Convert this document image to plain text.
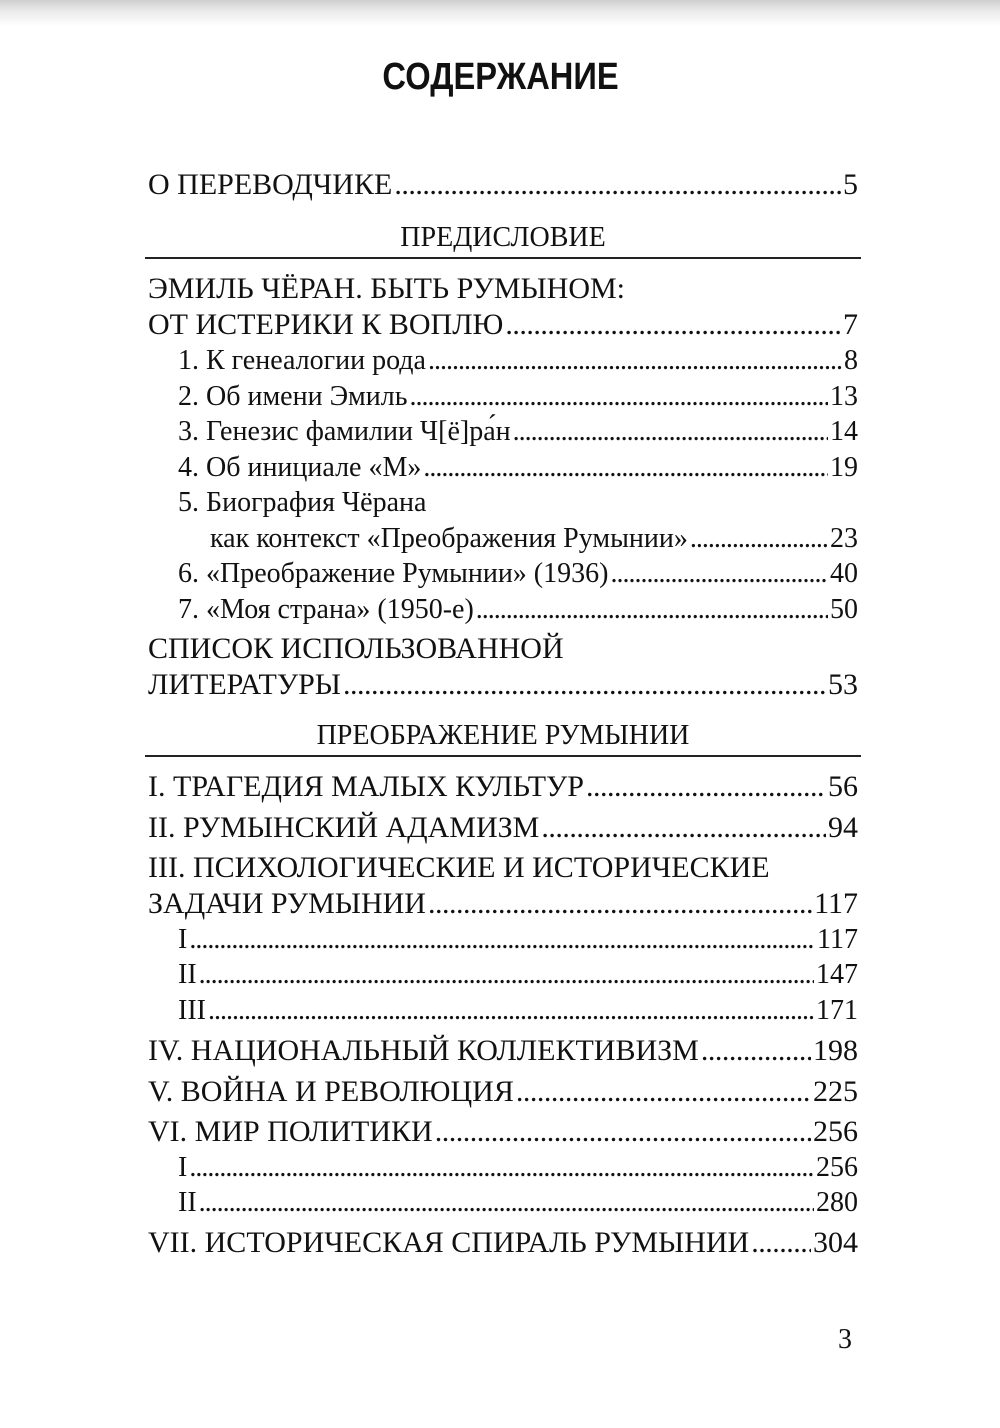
СОДЕРЖАНИЕ
О ПЕРЕВОДЧИКЕ . . .	5
ЭМИЛЬ ЧЁРАН. БЫТЬ РУМЫНОМ:
ОТ ИСТЕРИКИ К ВОПЛЮ . . .	7
1. К генеалогии рода . . .	8
2. Об имени Эмиль . . .	13
3. Генезис фамилии Ч[ё]ра́н . . .	14
4. Об инициале «М» . . .	19
5. Биография Чёрана
как контекст «Преображения Румынии» . . .	23
6. «Преображение Румынии» (1936) . . .	40
7. «Моя страна» (1950-е) . . .	50
СПИСОК ИСПОЛЬЗОВАННОЙ
ЛИТЕРАТУРЫ . . .	53
I. ТРАГЕДИЯ МАЛЫХ КУЛЬТУР . . .	56
II. РУМЫНСКИЙ АДАМИЗМ . . .	94
III. ПСИХОЛОГИЧЕСКИЕ И ИСТОРИЧЕСКИЕ
ЗАДАЧИ РУМЫНИИ . . .	117
I . . .	117
II . . .	147
III . . .	171
IV. НАЦИОНАЛЬНЫЙ КОЛЛЕКТИВИЗМ . . .	198
V. ВОЙНА И РЕВОЛЮЦИЯ . . .	225
VI. МИР ПОЛИТИКИ . . .	256
I . . .	256
II . . .	280
VII. ИСТОРИЧЕСКАЯ СПИРАЛЬ РУМЫНИИ . . . 304
ПРЕДИСЛОВИЕ
ПРЕОБРАЖЕНИЕ РУМЫНИИ
3
